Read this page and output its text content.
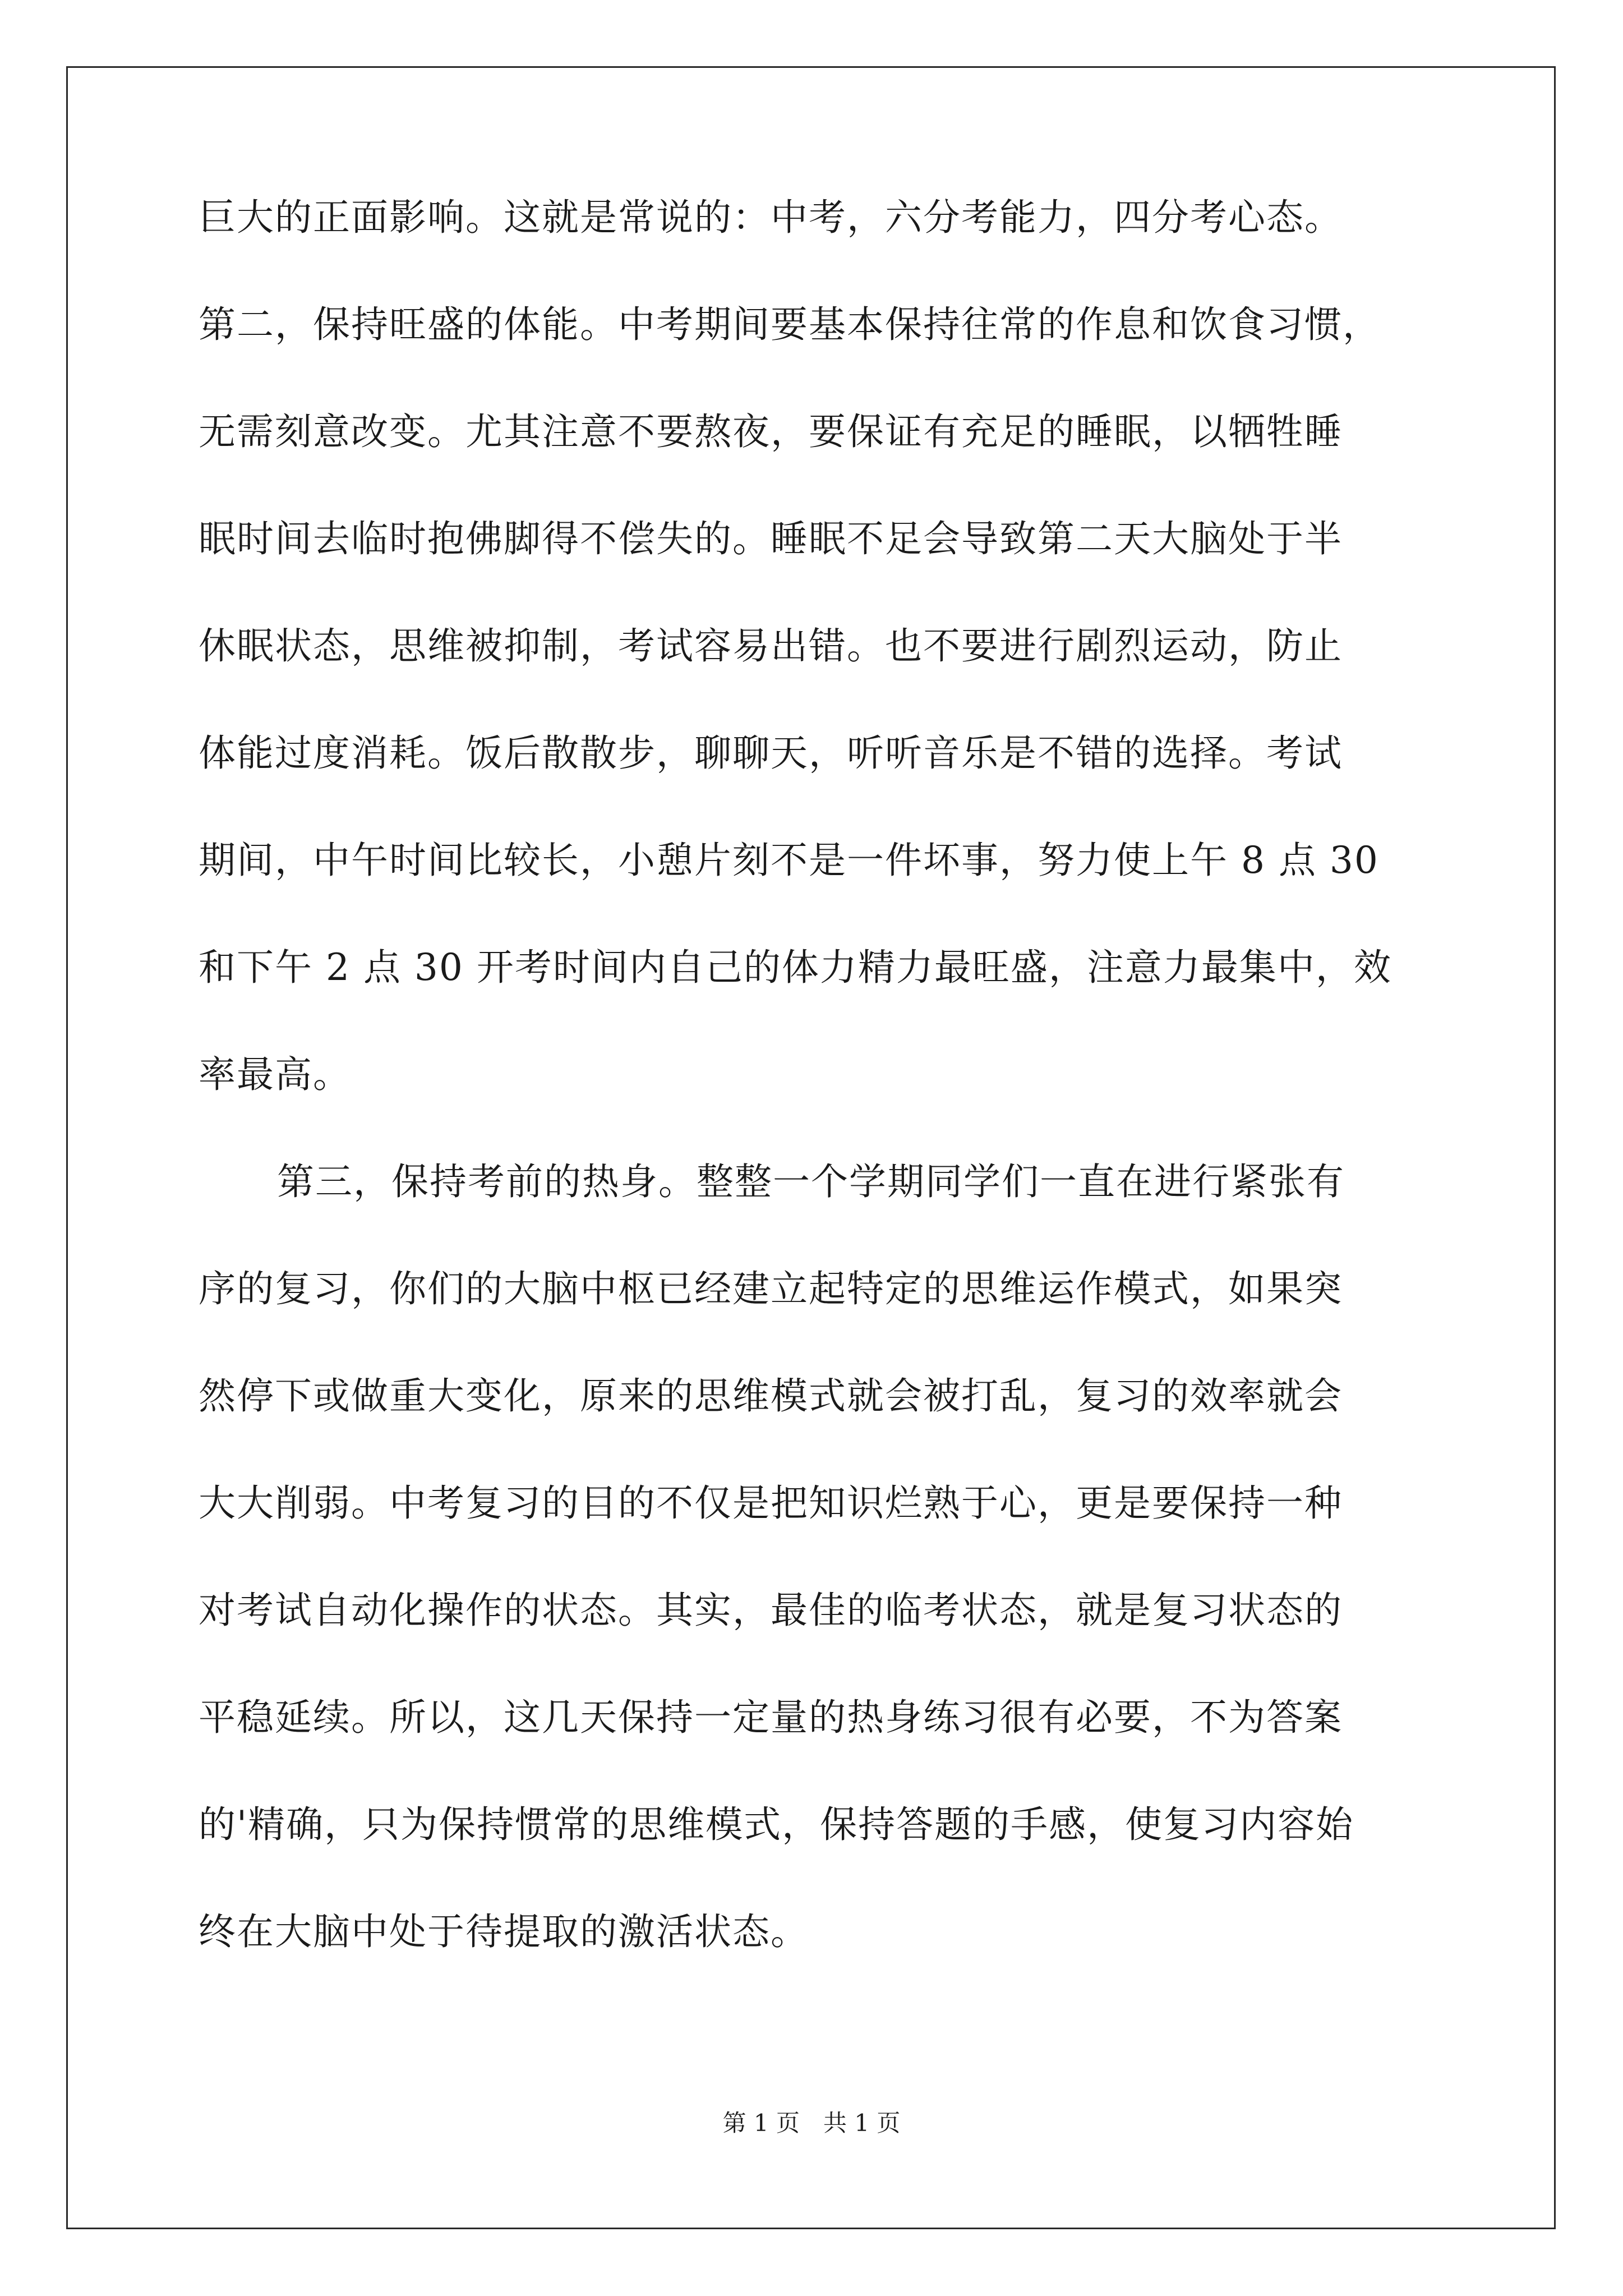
巨大的正面影响。这就是常说的：中考，六分考能力，四分考心态。
第二，保持旺盛的体能。中考期间要基本保持往常的作息和饮食习惯，
无需刻意改变。尤其注意不要熬夜，要保证有充足的睡眠，以牺牲睡
眠时间去临时抱佛脚得不偿失的。睡眠不足会导致第二天大脑处于半
休眠状态，思维被抑制，考试容易出错。也不要进行剧烈运动，防止
体能过度消耗。饭后散散步，聊聊天，听听音乐是不错的选择。考试
期间，中午时间比较长，小憩片刻不是一件坏事，努力使上午 8 点 30
和下午 2 点 30 开考时间内自己的体力精力最旺盛，注意力最集中，效
率最高。
第三，保持考前的热身。整整一个学期同学们一直在进行紧张有
序的复习，你们的大脑中枢已经建立起特定的思维运作模式，如果突
然停下或做重大变化，原来的思维模式就会被打乱，复习的效率就会
大大削弱。中考复习的目的不仅是把知识烂熟于心，更是要保持一种
对考试自动化操作的状态。其实，最佳的临考状态，就是复习状态的
平稳延续。所以，这几天保持一定量的热身练习很有必要，不为答案
的'精确，只为保持惯常的思维模式，保持答题的手感，使复习内容始
终在大脑中处于待提取的激活状态。
第 1 页　共 1 页
